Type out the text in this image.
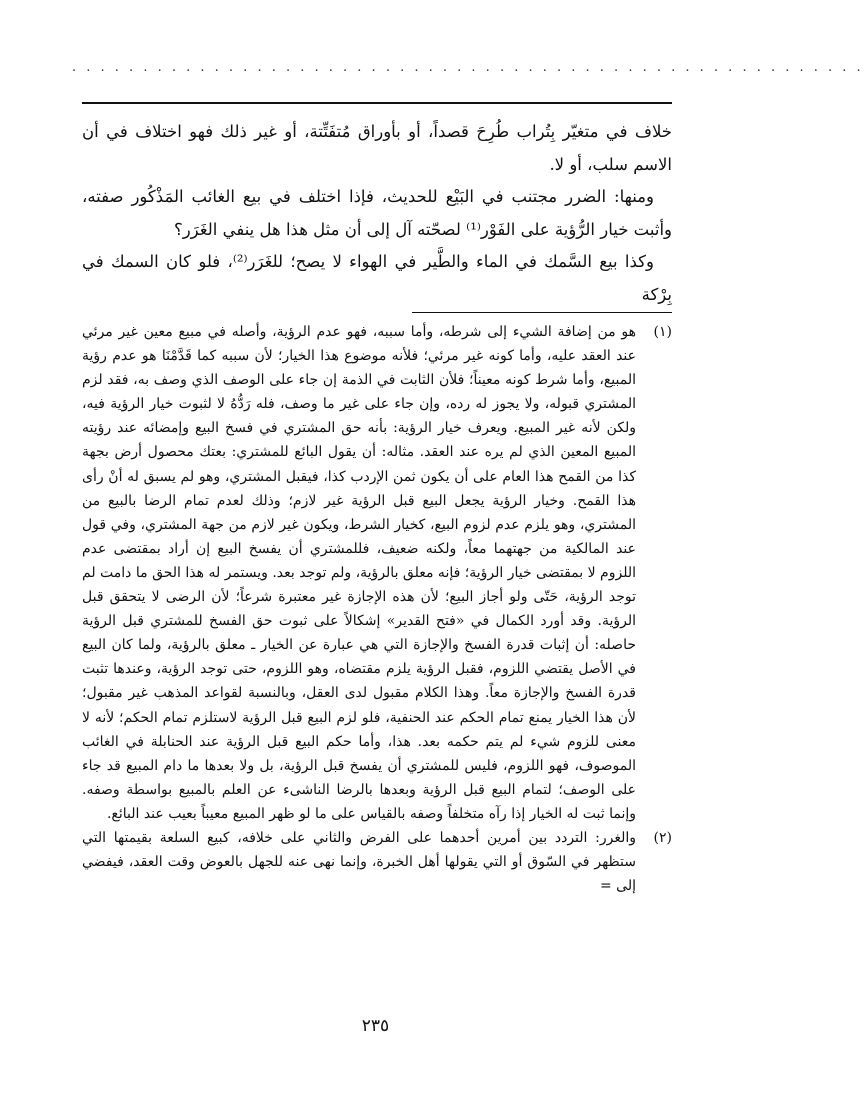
. . . . . . . . . . . . . . . . . . . . . . . . . . . . . . . . . . . . . . . . . . . . . . . . . . . . . . . .

خلاف في متغيّر بِتُراب طُرِحَ قصداً، أو بأوراق مُتفَتِّتة، أو غير ذلك فهو اختلاف في أن الاسم سلب، أو لا.

ومنها: الضرر مجتنب في البَيْع للحديث، فإذا اختلف في بيع الغائب المَذْكُور صفته، وأثبت خيار الرُّؤية على الفَوْر⁽¹⁾ لصحّته آل إلى أن مثل هذا هل ينفي الغَرَر؟

وكذا بيع السَّمك في الماء والطَّير في الهواء لا يصح؛ للغَرَر⁽²⁾، فلو كان السمك في بِرْكة

(١)
هو من إضافة الشيء إلى شرطه، وأما سببه، فهو عدم الرؤية، وأصله في مبيع معين غير مرئي عند العقد عليه، وأما كونه غير مرئي؛ فلأنه موضوع هذا الخيار؛ لأن سببه كما قَدَّمْنَا هو عدم رؤية المبيع، وأما شرط كونه معيناً؛ فلأن الثابت في الذمة إن جاء على الوصف الذي وصف به، فقد لزم المشتري قبوله، ولا يجوز له رده، وإن جاء على غير ما وصف، فله رَدُّهُ لا لثبوت خيار الرؤية فيه، ولكن لأنه غير المبيع. ويعرف خيار الرؤية: بأنه حق المشتري في فسخ البيع وإمضائه عند رؤيته المبيع المعين الذي لم يره عند العقد. مثاله: أن يقول البائع للمشتري: بعتك محصول أرض بجهة كذا من القمح هذا العام على أن يكون ثمن الإردب كذا، فيقبل المشتري، وهو لم يسبق له أنْ رأى هذا القمح. وخيار الرؤية يجعل البيع قبل الرؤية غير لازم؛ وذلك لعدم تمام الرضا بالبيع من المشتري، وهو يلزم عدم لزوم البيع، كخيار الشرط، ويكون غير لازم من جهة المشتري، وفي قول عند المالكية من جهتهما معاً، ولكنه ضعيف، فللمشتري أن يفسخ البيع إن أراد بمقتضى عدم اللزوم لا بمقتضى خيار الرؤية؛ فإنه معلق بالرؤية، ولم توجد بعد. ويستمر له هذا الحق ما دامت لم توجد الرؤية، حَتّى ولو أجاز البيع؛ لأن هذه الإجازة غير معتبرة شرعاً؛ لأن الرضى لا يتحقق قبل الرؤية. وقد أورد الكمال في «فتح القدير» إشكالاً على ثبوت حق الفسخ للمشتري قبل الرؤية حاصله: أن إثبات قدرة الفسخ والإجازة التي هي عبارة عن الخيار ـ معلق بالرؤية، ولما كان البيع في الأصل يقتضي اللزوم، فقبل الرؤية يلزم مقتضاه، وهو اللزوم، حتى توجد الرؤية، وعندها تثبت قدرة الفسخ والإجازة معاً. وهذا الكلام مقبول لدى العقل، وبالنسبة لقواعد المذهب غير مقبول؛ لأن هذا الخيار يمنع تمام الحكم عند الحنفية، فلو لزم البيع قبل الرؤية لاستلزم تمام الحكم؛ لأنه لا معنى للزوم شيء لم يتم حكمه بعد. هذا، وأما حكم البيع قبل الرؤية عند الحنابلة في الغائب الموصوف، فهو اللزوم، فليس للمشتري أن يفسخ قبل الرؤية، بل ولا بعدها ما دام المبيع قد جاء على الوصف؛ لتمام البيع قبل الرؤية وبعدها بالرضا الناشىء عن العلم بالمبيع بواسطة وصفه. وإنما ثبت له الخيار إذا رآه متخلفاً وصفه بالقياس على ما لو ظهر المبيع معيباً بعيب عند البائع.
(٢)
والغرر: التردد بين أمرين أحدهما على الفرض والثاني على خلافه، كبيع السلعة بقيمتها التي ستظهر في السّوق أو التي يقولها أهل الخبرة، وإنما نهى عنه للجهل بالعوض وقت العقد، فيفضي إلى =
٢٣٥
